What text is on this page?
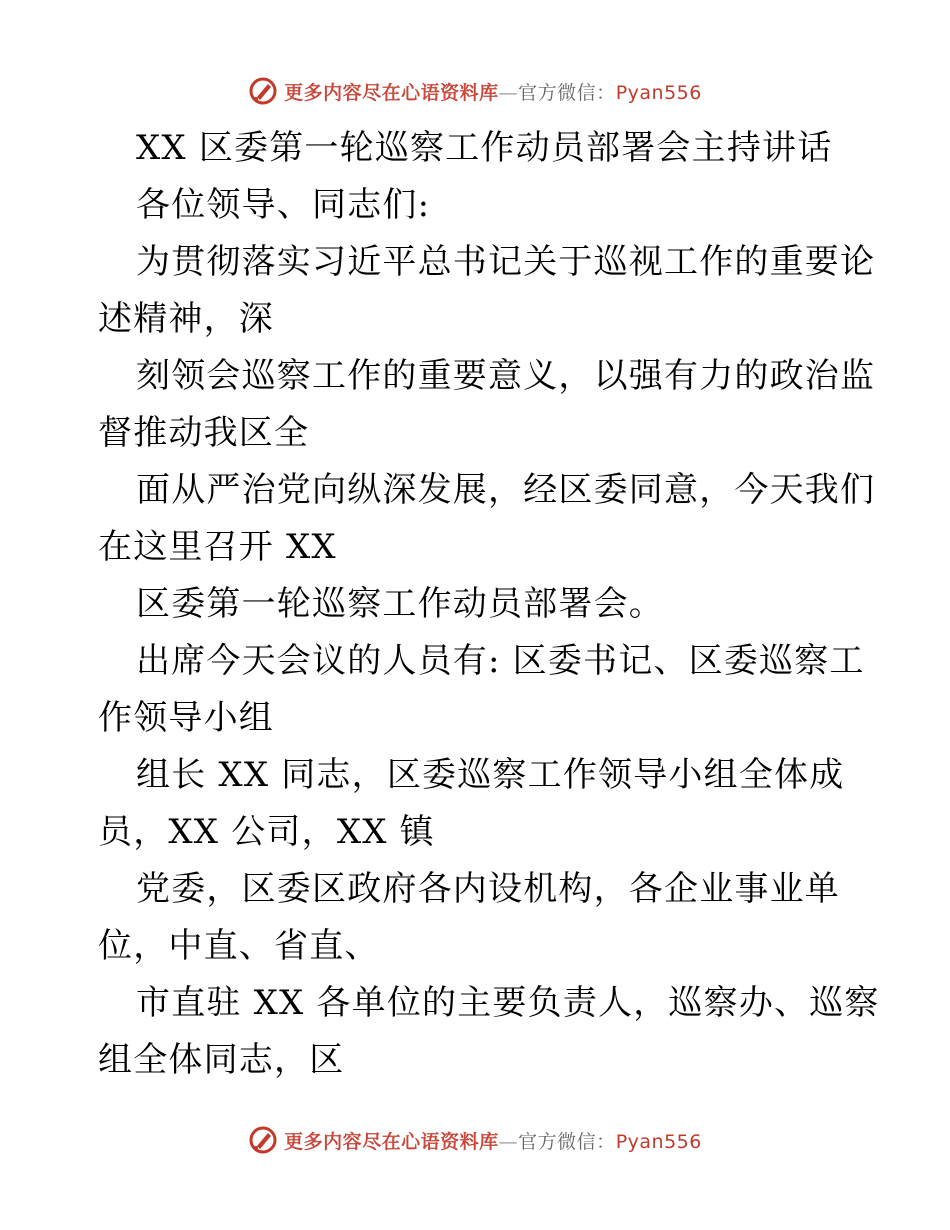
更多内容尽在心语资料库—官方微信：Pyan556
XX 区委第一轮巡察工作动员部署会主持讲话
各位领导、同志们:
为贯彻落实习近平总书记关于巡视工作的重要论
述精神，深
刻领会巡察工作的重要意义，以强有力的政治监
督推动我区全
面从严治党向纵深发展，经区委同意，今天我们
在这里召开 XX
区委第一轮巡察工作动员部署会。
出席今天会议的人员有: 区委书记、区委巡察工
作领导小组
组长 XX 同志，区委巡察工作领导小组全体成
员，XX 公司，XX 镇
党委，区委区政府各内设机构，各企业事业单
位，中直、省直、
市直驻 XX 各单位的主要负责人，巡察办、巡察
组全体同志，区
更多内容尽在心语资料库—官方微信：Pyan556
